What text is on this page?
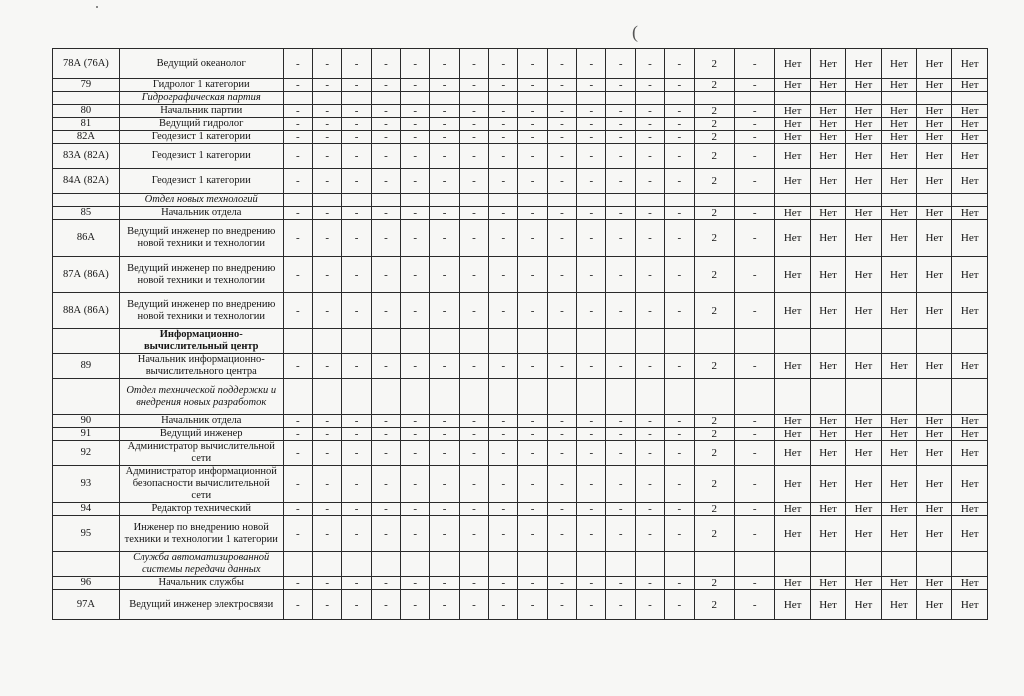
(
78А (76А)	Ведущий океанолог	-	-	-	-	-	-	-	-	-	-	-	-	-	-	2	-	Нет	Нет	Нет	Нет	Нет	Нет
79	Гидролог 1 категории	-	-	-	-	-	-	-	-	-	-	-	-	-	-	2	-	Нет	Нет	Нет	Нет	Нет	Нет
	Гидрографическая партия																						
80	Начальник партии	-	-	-	-	-	-	-	-	-	-	-	-	-	-	2	-	Нет	Нет	Нет	Нет	Нет	Нет
81	Ведущий гидролог	-	-	-	-	-	-	-	-	-	-	-	-	-	-	2	-	Нет	Нет	Нет	Нет	Нет	Нет
82А	Геодезист 1 категории	-	-	-	-	-	-	-	-	-	-	-	-	-	-	2	-	Нет	Нет	Нет	Нет	Нет	Нет
83А (82А)	Геодезист 1 категории	-	-	-	-	-	-	-	-	-	-	-	-	-	-	2	-	Нет	Нет	Нет	Нет	Нет	Нет
84А (82А)	Геодезист 1 категории	-	-	-	-	-	-	-	-	-	-	-	-	-	-	2	-	Нет	Нет	Нет	Нет	Нет	Нет
	Отдел новых технологий																						
85	Начальник отдела	-	-	-	-	-	-	-	-	-	-	-	-	-	-	2	-	Нет	Нет	Нет	Нет	Нет	Нет
86А	Ведущий инженер по внедрению новой техники и технологии	-	-	-	-	-	-	-	-	-	-	-	-	-	-	2	-	Нет	Нет	Нет	Нет	Нет	Нет
87А (86А)	Ведущий инженер по внедрению новой техники и технологии	-	-	-	-	-	-	-	-	-	-	-	-	-	-	2	-	Нет	Нет	Нет	Нет	Нет	Нет
88А (86А)	Ведущий инженер по внедрению новой техники и технологии	-	-	-	-	-	-	-	-	-	-	-	-	-	-	2	-	Нет	Нет	Нет	Нет	Нет	Нет
	Информационно-вычислительный центр																						
89	Начальник информационно-вычислительного центра	-	-	-	-	-	-	-	-	-	-	-	-	-	-	2	-	Нет	Нет	Нет	Нет	Нет	Нет
	Отдел технической поддержки и внедрения новых разработок																						
90	Начальник отдела	-	-	-	-	-	-	-	-	-	-	-	-	-	-	2	-	Нет	Нет	Нет	Нет	Нет	Нет
91	Ведущий инженер	-	-	-	-	-	-	-	-	-	-	-	-	-	-	2	-	Нет	Нет	Нет	Нет	Нет	Нет
92	Администратор вычислительной сети	-	-	-	-	-	-	-	-	-	-	-	-	-	-	2	-	Нет	Нет	Нет	Нет	Нет	Нет
93	Администратор информационной безопасности вычислительной сети	-	-	-	-	-	-	-	-	-	-	-	-	-	-	2	-	Нет	Нет	Нет	Нет	Нет	Нет
94	Редактор технический	-	-	-	-	-	-	-	-	-	-	-	-	-	-	2	-	Нет	Нет	Нет	Нет	Нет	Нет
95	Инженер по внедрению новой техники и технологии 1 категории	-	-	-	-	-	-	-	-	-	-	-	-	-	-	2	-	Нет	Нет	Нет	Нет	Нет	Нет
	Служба автоматизированной системы передачи данных																						
96	Начальник службы	-	-	-	-	-	-	-	-	-	-	-	-	-	-	2	-	Нет	Нет	Нет	Нет	Нет	Нет
97А	Ведущий инженер электросвязи	-	-	-	-	-	-	-	-	-	-	-	-	-	-	2	-	Нет	Нет	Нет	Нет	Нет	Нет
